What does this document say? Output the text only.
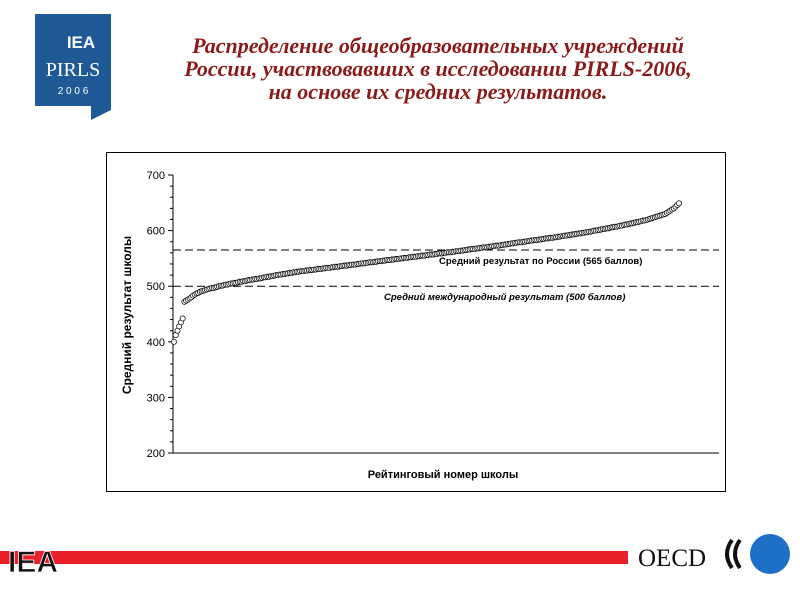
IEA
PIRLS
2 0 0 6
Распределение общеобразовательных учреждений
России, участвовавших в исследовании PIRLS-2006,
на основе их средних результатов.
200
300
400
500
600
700
Средний результат по России (565 баллов)
Средний международный результат (500 баллов)
Рейтинговый номер школы
Средний результат школы
IEA	OECD
